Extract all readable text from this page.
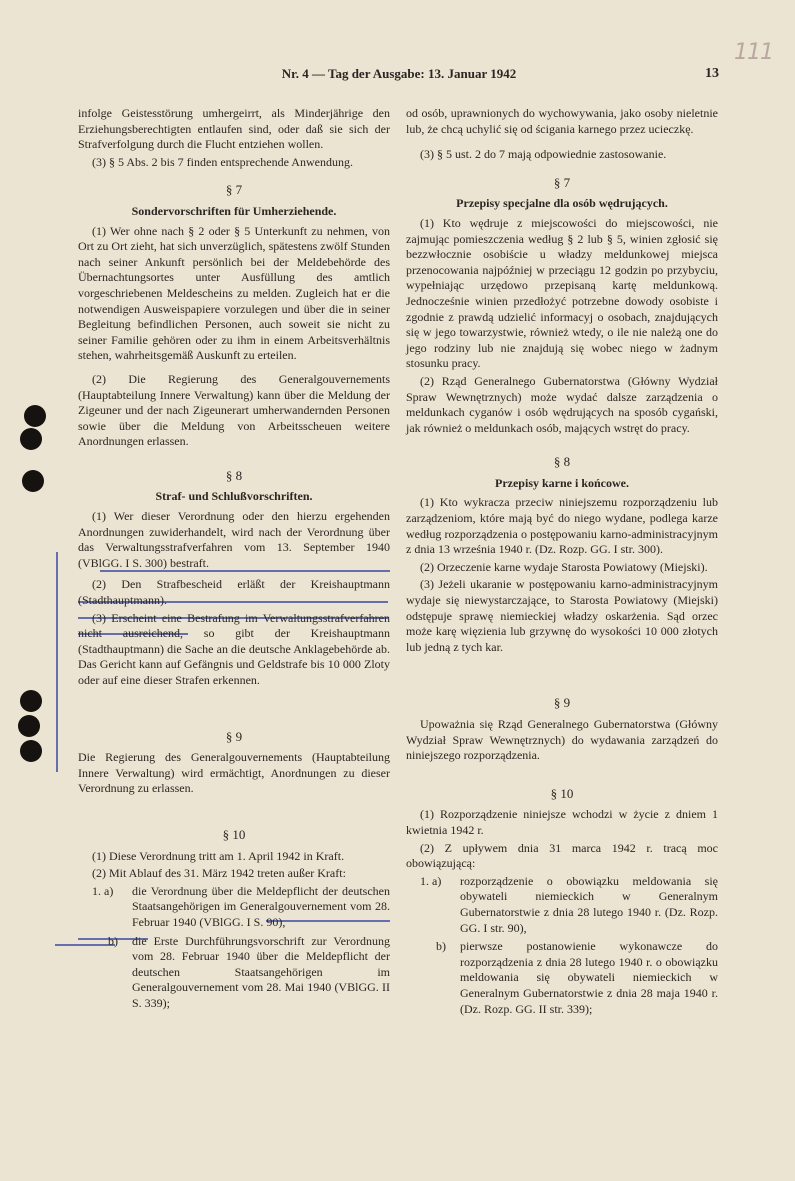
111
Nr. 4 — Tag der Ausgabe: 13. Januar 1942	13

infolge Geistesstörung umhergeirrt, als Minderjährige den Erziehungsberechtigten entlaufen sind, oder daß sie sich der Strafverfolgung durch die Flucht entziehen wollen.

(3) § 5 Abs. 2 bis 7 finden entsprechende Anwendung.

§ 7
Sondervorschriften für Umherziehende.

(1) Wer ohne nach § 2 oder § 5 Unterkunft zu nehmen, von Ort zu Ort zieht, hat sich unverzüglich, spätestens zwölf Stunden nach seiner Ankunft persönlich bei der Meldebehörde des Übernachtungsortes unter Ausfüllung des amtlich vorgeschriebenen Meldescheins zu melden. Zugleich hat er die notwendigen Ausweispapiere vorzulegen und über die in seiner Begleitung befindlichen Personen, auch soweit sie nicht zu seiner Familie gehören oder zu ihm in einem Arbeitsverhältnis stehen, wahrheitsgemäß Auskunft zu erteilen.

(2) Die Regierung des Generalgouvernements (Hauptabteilung Innere Verwaltung) kann über die Meldung der Zigeuner und der nach Zigeunerart umherwandernden Personen sowie über die Meldung von Arbeitsscheuen weitere Anordnungen erlassen.

§ 8
Straf- und Schlußvorschriften.

(1) Wer dieser Verordnung oder den hierzu ergehenden Anordnungen zuwiderhandelt, wird nach der Verordnung über das Verwaltungsstrafverfahren vom 13. September 1940 (VBlGG. I S. 300) bestraft.

(2) Den Strafbescheid erläßt der Kreishauptmann (Stadthauptmann).

(3) Erscheint eine Bestrafung im Verwaltungsstrafverfahren nicht ausreichend, so gibt der Kreishauptmann (Stadthauptmann) die Sache an die deutsche Anklagebehörde ab. Das Gericht kann auf Gefängnis und Geldstrafe bis 10 000 Zloty oder auf eine dieser Strafen erkennen.

§ 9

Die Regierung des Generalgouvernements (Hauptabteilung Innere Verwaltung) wird ermächtigt, Anordnungen zu dieser Verordnung zu erlassen.

§ 10

(1) Diese Verordnung tritt am 1. April 1942 in Kraft.

(2) Mit Ablauf des 31. März 1942 treten außer Kraft:

1. a) die Verordnung über die Meldepflicht der deutschen Staatsangehörigen im Generalgouvernement vom 28. Februar 1940 (VBlGG. I S. 90),
b) die Erste Durchführungsvorschrift zur Verordnung vom 28. Februar 1940 über die Meldepflicht der deutschen Staatsangehörigen im Generalgouvernement vom 28. Mai 1940 (VBlGG. II S. 339);

od osób, uprawnionych do wychowywania, jako osoby nieletnie lub, że chcą uchylić się od ścigania karnego przez ucieczkę.

(3) § 5 ust. 2 do 7 mają odpowiednie zastosowanie.

§ 7
Przepisy specjalne dla osób wędrujących.

(1) Kto wędruje z miejscowości do miejscowości, nie zajmując pomieszczenia według § 2 lub § 5, winien zgłosić się bezzwłocznie osobiście u władzy meldunkowej miejsca przenocowania najpóźniej w przeciągu 12 godzin po przybyciu, wypełniając urzędowo przepisaną kartę meldunkową. Jednocześnie winien przedłożyć potrzebne dowody osobiste i zgodnie z prawdą udzielić informacyj o osobach, znajdujących się w jego towarzystwie, również wtedy, o ile nie należą one do jego rodziny lub nie znajdują się wobec niego w żadnym stosunku pracy.

(2) Rząd Generalnego Gubernatorstwa (Główny Wydział Spraw Wewnętrznych) może wydać dalsze zarządzenia o meldunkach cyganów i osób wędrujących na sposób cygański, jak również o meldunkach osób, mających wstręt do pracy.

§ 8
Przepisy karne i końcowe.

(1) Kto wykracza przeciw niniejszemu rozporządzeniu lub zarządzeniom, które mają być do niego wydane, podlega karze według rozporządzenia o postępowaniu karno-administracyjnym z dnia 13 września 1940 r. (Dz. Rozp. GG. I str. 300).

(2) Orzeczenie karne wydaje Starosta Powiatowy (Miejski).

(3) Jeżeli ukaranie w postępowaniu karno-administracyjnym wydaje się niewystarczające, to Starosta Powiatowy (Miejski) odstępuje sprawę niemieckiej władzy oskarżenia. Sąd orzec może karę więzienia lub grzywnę do wysokości 10 000 złotych lub jedną z tych kar.

§ 9

Upoważnia się Rząd Generalnego Gubernatorstwa (Główny Wydział Spraw Wewnętrznych) do wydawania zarządzeń do niniejszego rozporządzenia.

§ 10

(1) Rozporządzenie niniejsze wchodzi w życie z dniem 1 kwietnia 1942 r.

(2) Z upływem dnia 31 marca 1942 r. tracą moc obowiązującą:

1. a) rozporządzenie o obowiązku meldowania się obywateli niemieckich w Generalnym Gubernatorstwie z dnia 28 lutego 1940 r. (Dz. Rozp. GG. I str. 90),
b) pierwsze postanowienie wykonawcze do rozporządzenia z dnia 28 lutego 1940 r. o obowiązku meldowania się obywateli niemieckich w Generalnym Gubernatorstwie z dnia 28 maja 1940 r. (Dz. Rozp. GG. II str. 339);
